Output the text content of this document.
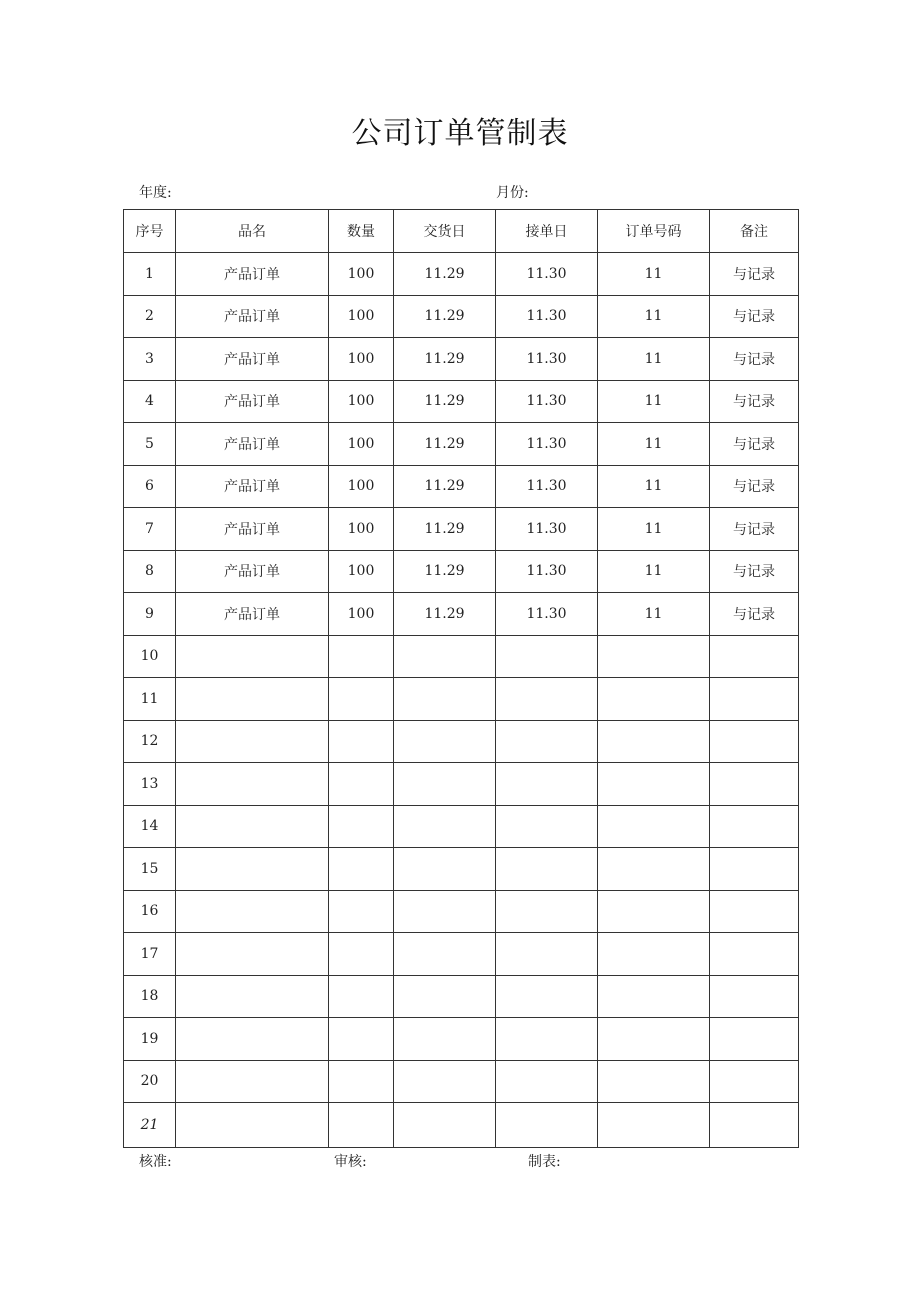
公司订单管制表
年度:	月份:
序号	品名	数量	交货日	接单日	订单号码	备注
1	产品订单	100	11.29	11.30	11	与记录
2	产品订单	100	11.29	11.30	11	与记录
3	产品订单	100	11.29	11.30	11	与记录
4	产品订单	100	11.29	11.30	11	与记录
5	产品订单	100	11.29	11.30	11	与记录
6	产品订单	100	11.29	11.30	11	与记录
7	产品订单	100	11.29	11.30	11	与记录
8	产品订单	100	11.29	11.30	11	与记录
9	产品订单	100	11.29	11.30	11	与记录
10						
11						
12						
13						
14						
15						
16						
17						
18						
19						
20						
21						
核准:	审核:	制表:
